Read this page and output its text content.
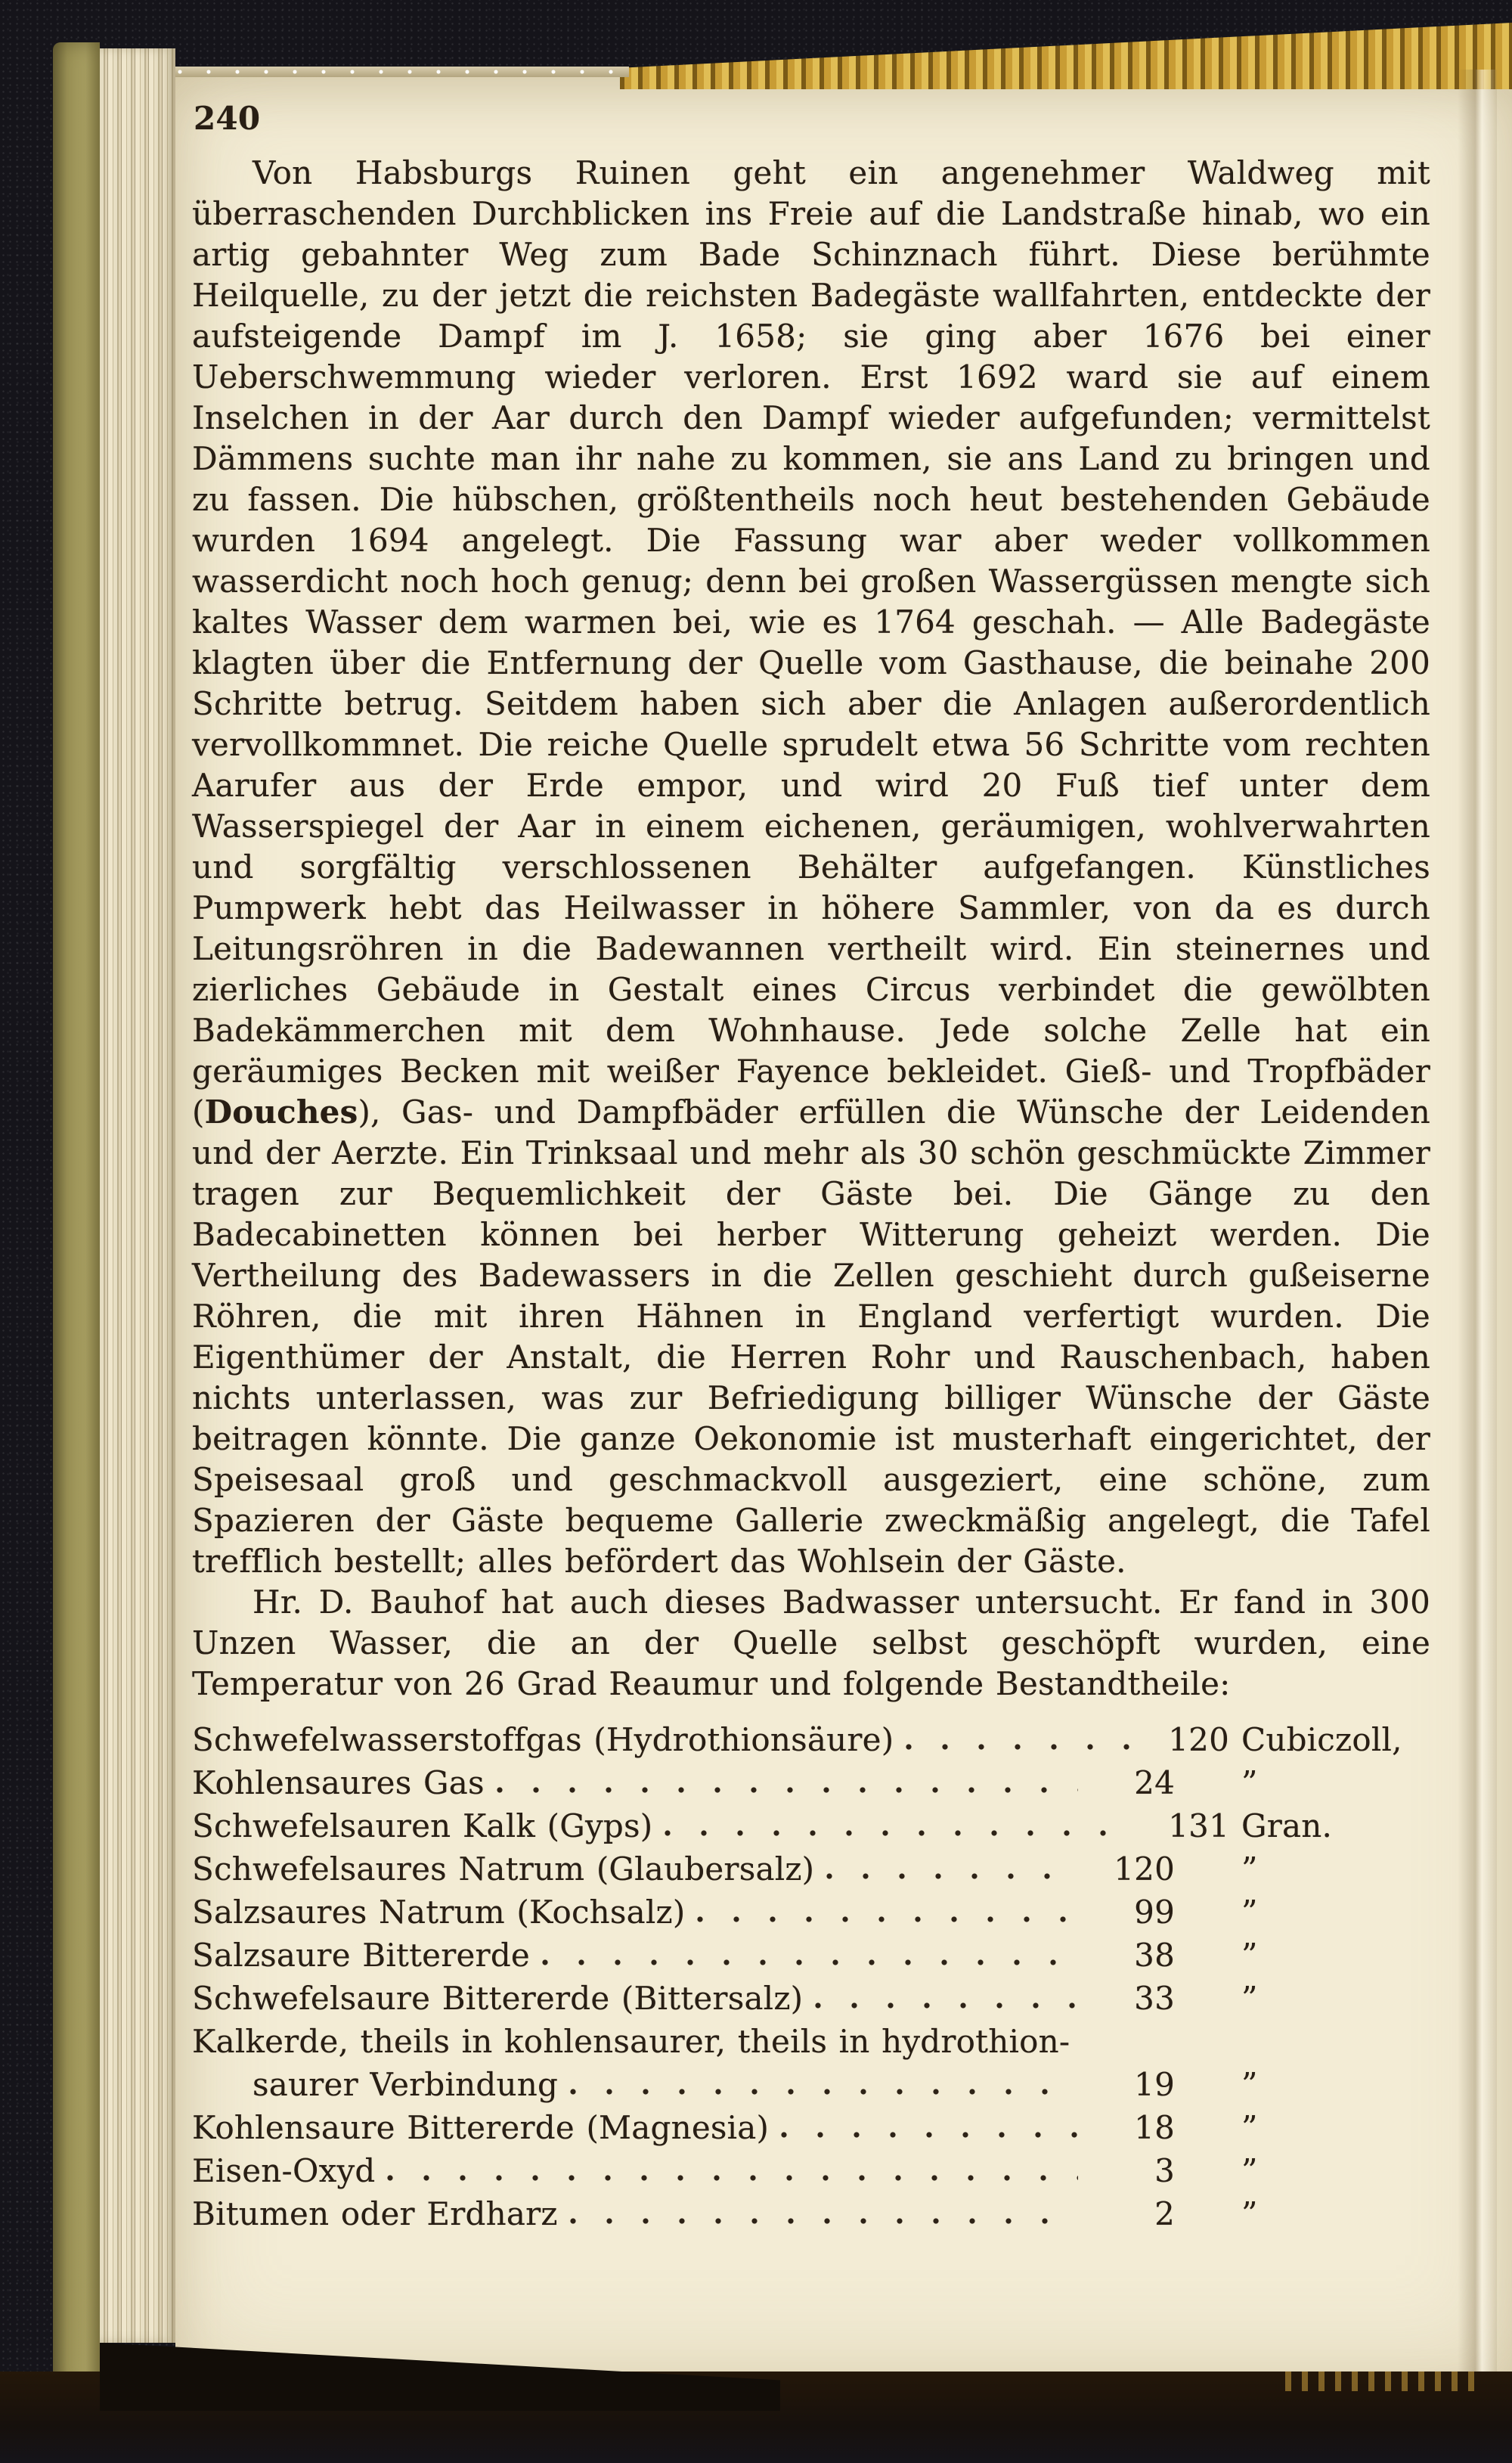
240

Von Habsburgs Ruinen geht ein angenehmer Waldweg mit überraschenden Durchblicken ins Freie auf die Landstraße hinab, wo ein artig gebahnter Weg zum Bade Schinznach führt. Diese berühmte Heilquelle, zu der jetzt die reichsten Badegäste wallfahrten, entdeckte der aufsteigende Dampf im J. 1658; sie ging aber 1676 bei einer Ueberschwemmung wieder verloren. Erst 1692 ward sie auf einem Inselchen in der Aar durch den Dampf wieder aufgefunden; vermittelst Dämmens suchte man ihr nahe zu kommen, sie ans Land zu bringen und zu fassen. Die hübschen, größtentheils noch heut bestehenden Gebäude wurden 1694 angelegt. Die Fassung war aber weder vollkommen wasserdicht noch hoch genug; denn bei großen Wassergüssen mengte sich kaltes Wasser dem warmen bei, wie es 1764 geschah. — Alle Badegäste klagten über die Entfernung der Quelle vom Gasthause, die beinahe 200 Schritte betrug. Seitdem haben sich aber die Anlagen außerordentlich vervollkommnet. Die reiche Quelle sprudelt etwa 56 Schritte vom rechten Aarufer aus der Erde empor, und wird 20 Fuß tief unter dem Wasserspiegel der Aar in einem eichenen, geräumigen, wohlverwahrten und sorgfältig verschlossenen Behälter aufgefangen. Künstliches Pumpwerk hebt das Heilwasser in höhere Sammler, von da es durch Leitungsröhren in die Badewannen vertheilt wird. Ein steinernes und zierliches Gebäude in Gestalt eines Circus verbindet die gewölbten Badekämmerchen mit dem Wohnhause. Jede solche Zelle hat ein geräumiges Becken mit weißer Fayence bekleidet. Gieß- und Tropfbäder (Douches), Gas- und Dampfbäder erfüllen die Wünsche der Leidenden und der Aerzte. Ein Trinksaal und mehr als 30 schön geschmückte Zimmer tragen zur Bequemlichkeit der Gäste bei. Die Gänge zu den Badecabinetten können bei herber Witterung geheizt werden. Die Vertheilung des Badewassers in die Zellen geschieht durch gußeiserne Röhren, die mit ihren Hähnen in England verfertigt wurden. Die Eigenthümer der Anstalt, die Herren Rohr und Rauschenbach, haben nichts unterlassen, was zur Befriedigung billiger Wünsche der Gäste beitragen könnte. Die ganze Oekonomie ist musterhaft eingerichtet, der Speisesaal groß und geschmackvoll ausgeziert, eine schöne, zum Spazieren der Gäste bequeme Gallerie zweckmäßig angelegt, die Tafel trefflich bestellt; alles befördert das Wohlsein der Gäste.

Hr. D. Bauhof hat auch dieses Badwasser untersucht. Er fand in 300 Unzen Wasser, die an der Quelle selbst geschöpft wurden, eine Temperatur von 26 Grad Reaumur und folgende Bestandtheile:

Schwefelwasserstoffgas (Hydrothionsäure)	120 Cubiczoll,
Kohlensaures Gas	24	”
Schwefelsauren Kalk (Gyps)	131 Gran.
Schwefelsaures Natrum (Glaubersalz)	120	”
Salzsaures Natrum (Kochsalz)	99	”
Salzsaure Bittererde	38	”
Schwefelsaure Bittererde (Bittersalz)	33	”
Kalkerde, theils in kohlensaurer, theils in hydrothion-
saurer Verbindung	19	”
Kohlensaure Bittererde (Magnesia)	18	”
Eisen-Oxyd	3	”
Bitumen oder Erdharz	2	”
